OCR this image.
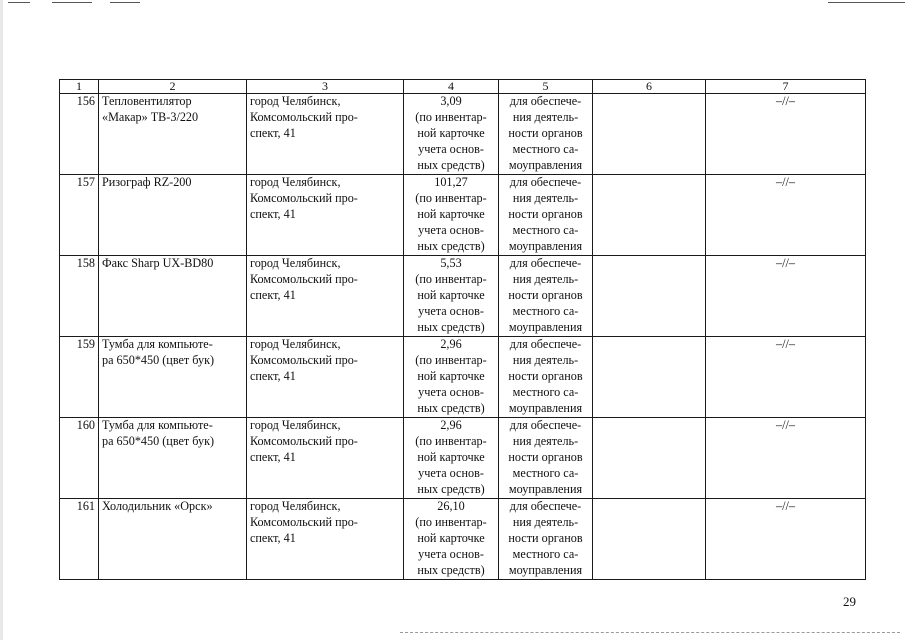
1	2	3	4	5	6	7
156	Тепловентилятор
«Макар» ТВ-3/220	город Челябинск,
Комсомольский про-
спект, 41	3,09
(по инвентар-
ной карточке
учета основ-
ных средств)	для обеспече-
ния деятель-
ности органов
местного са-
моуправления		–//–
157	Ризограф RZ-200	город Челябинск,
Комсомольский про-
спект, 41	101,27
(по инвентар-
ной карточке
учета основ-
ных средств)	для обеспече-
ния деятель-
ности органов
местного са-
моуправления		–//–
158	Факс Sharp UX-BD80	город Челябинск,
Комсомольский про-
спект, 41	5,53
(по инвентар-
ной карточке
учета основ-
ных средств)	для обеспече-
ния деятель-
ности органов
местного са-
моуправления		–//–
159	Тумба для компьюте-
ра 650*450 (цвет бук)	город Челябинск,
Комсомольский про-
спект, 41	2,96
(по инвентар-
ной карточке
учета основ-
ных средств)	для обеспече-
ния деятель-
ности органов
местного са-
моуправления		–//–
160	Тумба для компьюте-
ра 650*450 (цвет бук)	город Челябинск,
Комсомольский про-
спект, 41	2,96
(по инвентар-
ной карточке
учета основ-
ных средств)	для обеспече-
ния деятель-
ности органов
местного са-
моуправления		–//–
161	Холодильник «Орск»	город Челябинск,
Комсомольский про-
спект, 41	26,10
(по инвентар-
ной карточке
учета основ-
ных средств)	для обеспече-
ния деятель-
ности органов
местного са-
моуправления		–//–
29
